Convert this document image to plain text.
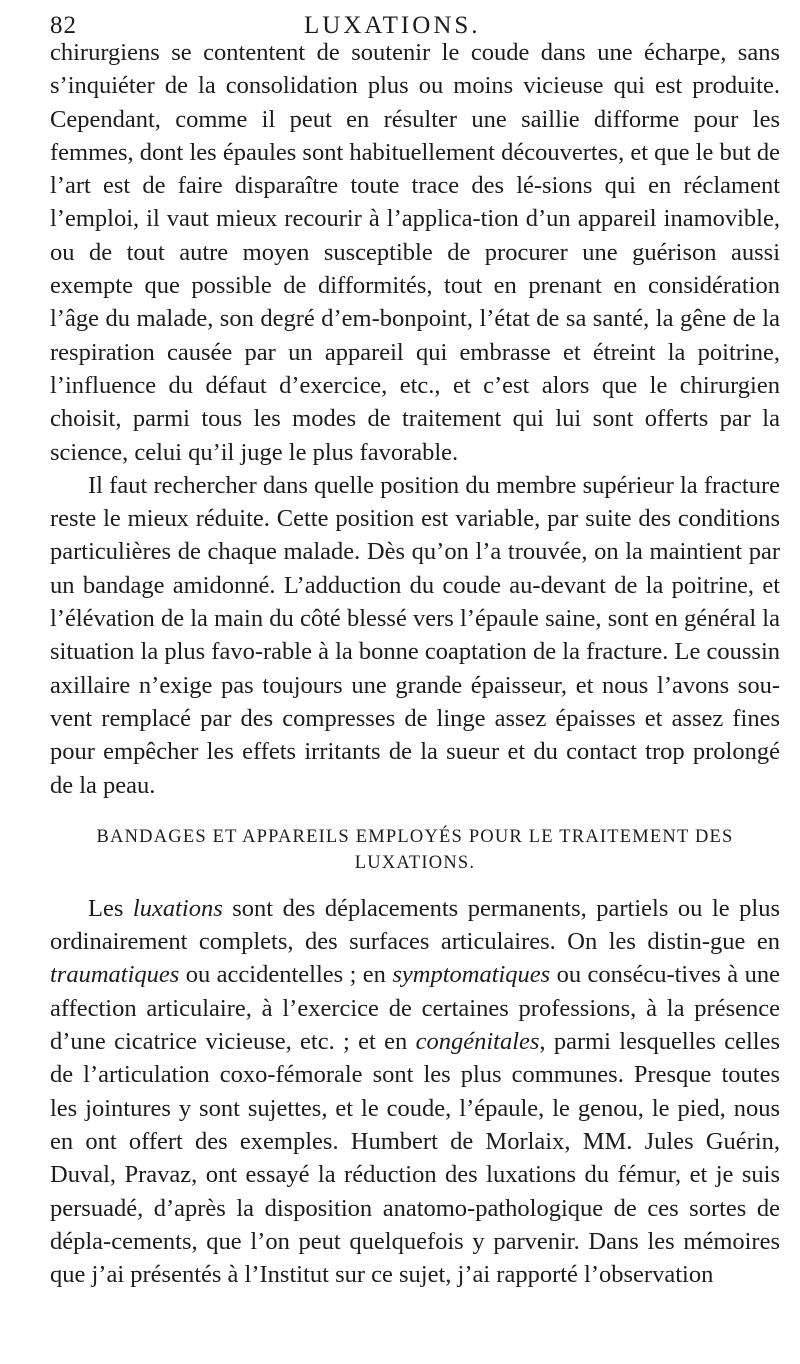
82	LUXATIONS.

chirurgiens se contentent de soutenir le coude dans une écharpe, sans s’inquiéter de la consolidation plus ou moins vicieuse qui est produite. Cependant, comme il peut en résulter une saillie difforme pour les femmes, dont les épaules sont habituellement découvertes, et que le but de l’art est de faire disparaître toute trace des lé-sions qui en réclament l’emploi, il vaut mieux recourir à l’applica-tion d’un appareil inamovible, ou de tout autre moyen susceptible de procurer une guérison aussi exempte que possible de difformités, tout en prenant en considération l’âge du malade, son degré d’em-bonpoint, l’état de sa santé, la gêne de la respiration causée par un appareil qui embrasse et étreint la poitrine, l’influence du défaut d’exercice, etc., et c’est alors que le chirurgien choisit, parmi tous les modes de traitement qui lui sont offerts par la science, celui qu’il juge le plus favorable.

Il faut rechercher dans quelle position du membre supérieur la fracture reste le mieux réduite. Cette position est variable, par suite des conditions particulières de chaque malade. Dès qu’on l’a trouvée, on la maintient par un bandage amidonné. L’adduction du coude au-devant de la poitrine, et l’élévation de la main du côté blessé vers l’épaule saine, sont en général la situation la plus favo-rable à la bonne coaptation de la fracture. Le coussin axillaire n’exige pas toujours une grande épaisseur, et nous l’avons sou-vent remplacé par des compresses de linge assez épaisses et assez fines pour empêcher les effets irritants de la sueur et du contact trop prolongé de la peau.

BANDAGES ET APPAREILS EMPLOYÉS POUR LE TRAITEMENT DES
LUXATIONS.

Les luxations sont des déplacements permanents, partiels ou le plus ordinairement complets, des surfaces articulaires. On les distin-gue en traumatiques ou accidentelles ; en symptomatiques ou consécu-tives à une affection articulaire, à l’exercice de certaines professions, à la présence d’une cicatrice vicieuse, etc. ; et en congénitales, parmi lesquelles celles de l’articulation coxo-fémorale sont les plus communes. Presque toutes les jointures y sont sujettes, et le coude, l’épaule, le genou, le pied, nous en ont offert des exemples. Humbert de Morlaix, MM. Jules Guérin, Duval, Pravaz, ont essayé la réduction des luxations du fémur, et je suis persuadé, d’après la disposition anatomo-pathologique de ces sortes de dépla-cements, que l’on peut quelquefois y parvenir. Dans les mémoires que j’ai présentés à l’Institut sur ce sujet, j’ai rapporté l’observation
